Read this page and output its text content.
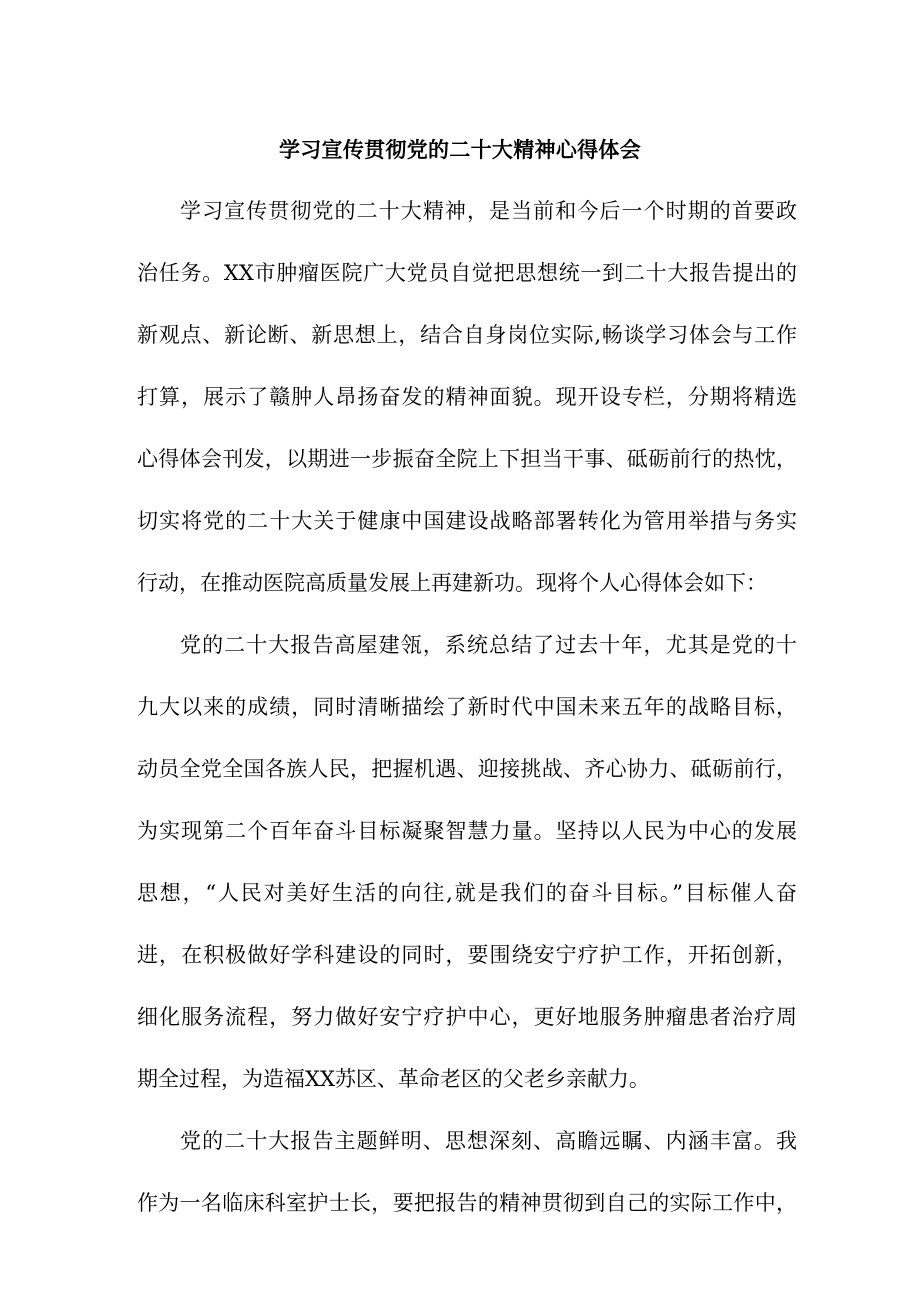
学习宣传贯彻党的二十大精神心得体会
学习宣传贯彻党的二十大精神，是当前和今后一个时期的首要政
治任务。XX市肿瘤医院广大党员自觉把思想统一到二十大报告提出的
新观点、新论断、新思想上，结合自身岗位实际,畅谈学习体会与工作
打算，展示了赣肿人昂扬奋发的精神面貌。现开设专栏，分期将精选
心得体会刊发，以期进一步振奋全院上下担当干事、砥砺前行的热忱，
切实将党的二十大关于健康中国建设战略部署转化为管用举措与务实
行动，在推动医院高质量发展上再建新功。现将个人心得体会如下：
党的二十大报告高屋建瓴，系统总结了过去十年，尤其是党的十
九大以来的成绩，同时清晰描绘了新时代中国未来五年的战略目标，
动员全党全国各族人民，把握机遇、迎接挑战、齐心协力、砥砺前行，
为实现第二个百年奋斗目标凝聚智慧力量。坚持以人民为中心的发展
思想，“人民对美好生活的向往,就是我们的奋斗目标。”目标催人奋
进，在积极做好学科建设的同时，要围绕安宁疗护工作，开拓创新，
细化服务流程，努力做好安宁疗护中心，更好地服务肿瘤患者治疗周
期全过程，为造福XX苏区、革命老区的父老乡亲献力。
党的二十大报告主题鲜明、思想深刻、高瞻远瞩、内涵丰富。我
作为一名临床科室护士长，要把报告的精神贯彻到自己的实际工作中，
